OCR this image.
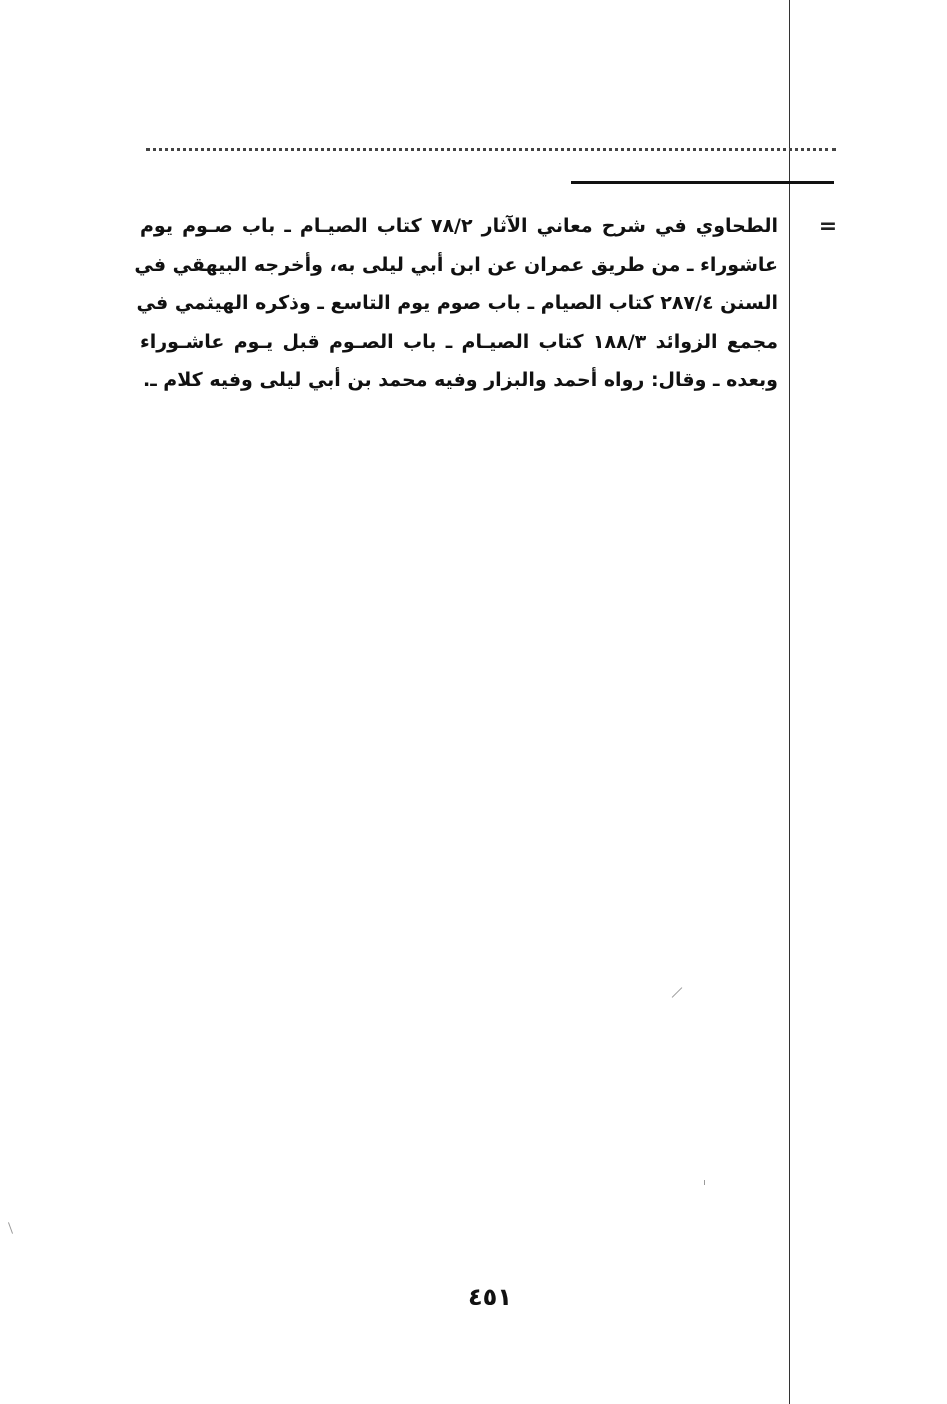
=
الطحاوي في شرح معاني الآثار ٧٨/٢ كتاب الصيـام ـ باب صـوم يوم
عاشوراء ـ من طريق عمران عن ابن أبي ليلى به، وأخرجه البيهقي في
السنن ٢٨٧/٤ كتاب الصيام ـ باب صوم يوم التاسع ـ وذكره الهيثمي في
مجمع الزوائد ١٨٨/٣ كتاب الصيـام ـ باب الصـوم قبل يـوم عاشـوراء
وبعده ـ وقال: رواه أحمد والبزار وفيه محمد بن أبي ليلى وفيه كلام ـ.
٤٥١
